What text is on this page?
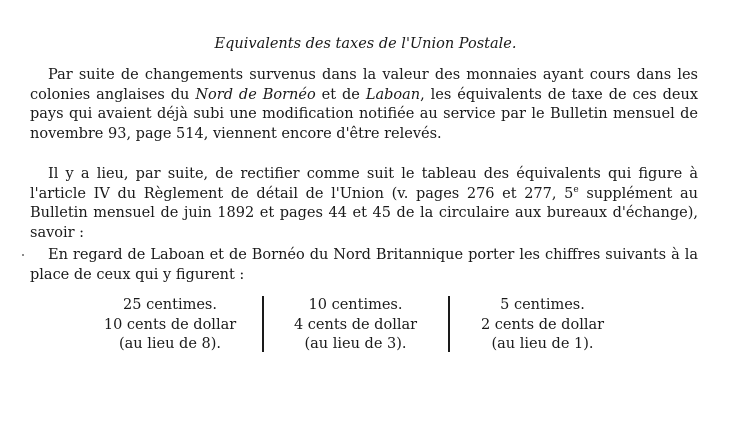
Equivalents des taxes de l'Union Postale.

Par suite de changements survenus dans la valeur des monnaies ayant cours dans les colonies anglaises du Nord de Bornéo et de Laboan, les équivalents de taxe de ces deux pays qui avaient déjà subi une modification notifiée au service par le Bulletin mensuel de novembre 93, page 514, viennent encore d'être relevés.

Il y a lieu, par suite, de rectifier comme suit le tableau des équivalents qui figure à l'article IV du Règlement de détail de l'Union (v. pages 276 et 277, 5e supplément au Bulletin mensuel de juin 1892 et pages 44 et 45 de la circulaire aux bureaux d'échange), savoir :

En regard de Laboan et de Bornéo du Nord Britannique porter les chiffres suivants à la place de ceux qui y figurent :

25 centimes.
10 cents de dollar
(au lieu de 8).
10 centimes.
4 cents de dollar
(au lieu de 3).
5 centimes.
2 cents de dollar
(au lieu de 1).
